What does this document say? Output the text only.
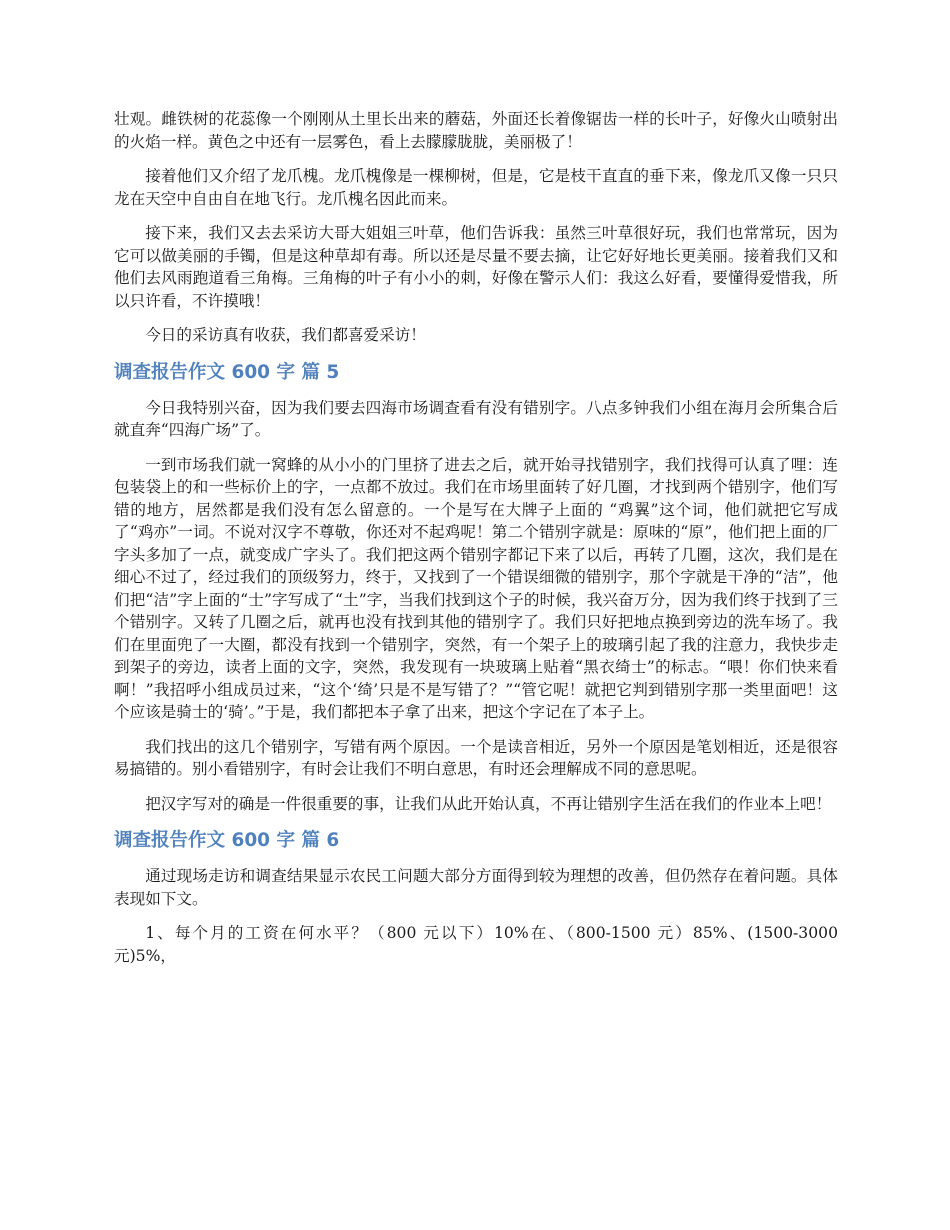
壮观。雌铁树的花蕊像一个刚刚从土里长出来的蘑菇，外面还长着像锯齿一样的长叶子，好像火山喷射出的火焰一样。黄色之中还有一层雾色，看上去朦朦胧胧，美丽极了！

接着他们又介绍了龙爪槐。龙爪槐像是一棵柳树，但是，它是枝干直直的垂下来，像龙爪又像一只只龙在天空中自由自在地飞行。龙爪槐名因此而来。

接下来，我们又去去采访大哥大姐姐三叶草，他们告诉我：虽然三叶草很好玩，我们也常常玩，因为它可以做美丽的手镯，但是这种草却有毒。所以还是尽量不要去摘，让它好好地长更美丽。接着我们又和他们去风雨跑道看三角梅。三角梅的叶子有小小的刺，好像在警示人们：我这么好看，要懂得爱惜我，所以只许看，不许摸哦！

今日的采访真有收获，我们都喜爱采访！

调查报告作文 600 字 篇 5

今日我特别兴奋，因为我们要去四海市场调查看有没有错别字。八点多钟我们小组在海月会所集合后就直奔“四海广场”了。

一到市场我们就一窝蜂的从小小的门里挤了进去之后，就开始寻找错别字，我们找得可认真了哩：连包装袋上的和一些标价上的字，一点都不放过。我们在市场里面转了好几圈，才找到两个错别字，他们写错的地方，居然都是我们没有怎么留意的。一个是写在大牌子上面的 “鸡翼”这个词，他们就把它写成了“鸡亦”一词。不说对汉字不尊敬，你还对不起鸡呢！第二个错别字就是：原味的“原”，他们把上面的厂字头多加了一点，就变成广字头了。我们把这两个错别字都记下来了以后，再转了几圈，这次，我们是在细心不过了，经过我们的顶级努力，终于，又找到了一个错误细微的错别字，那个字就是干净的“洁”，他们把“洁”字上面的“士”字写成了“土”字，当我们找到这个子的时候，我兴奋万分，因为我们终于找到了三个错别字。又转了几圈之后，就再也没有找到其他的错别字了。我们只好把地点换到旁边的洗车场了。我们在里面兜了一大圈，都没有找到一个错别字，突然，有一个架子上的玻璃引起了我的注意力，我快步走到架子的旁边，读者上面的文字，突然，我发现有一块玻璃上贴着“黑衣绮士”的标志。“喂！你们快来看啊！”我招呼小组成员过来，“这个‘绮’只是不是写错了？”“管它呢！就把它判到错别字那一类里面吧！这个应该是骑士的‘骑’。”于是，我们都把本子拿了出来，把这个字记在了本子上。

我们找出的这几个错别字，写错有两个原因。一个是读音相近，另外一个原因是笔划相近，还是很容易搞错的。别小看错别字，有时会让我们不明白意思，有时还会理解成不同的意思呢。

把汉字写对的确是一件很重要的事，让我们从此开始认真，不再让错别字生活在我们的作业本上吧！

调查报告作文 600 字 篇 6

通过现场走访和调查结果显示农民工问题大部分方面得到较为理想的改善，但仍然存在着问题。具体表现如下文。

1、每个月的工资在何水平？（800 元以下）10%在、（800-1500 元）85%、(1500-3000 元)5%，
